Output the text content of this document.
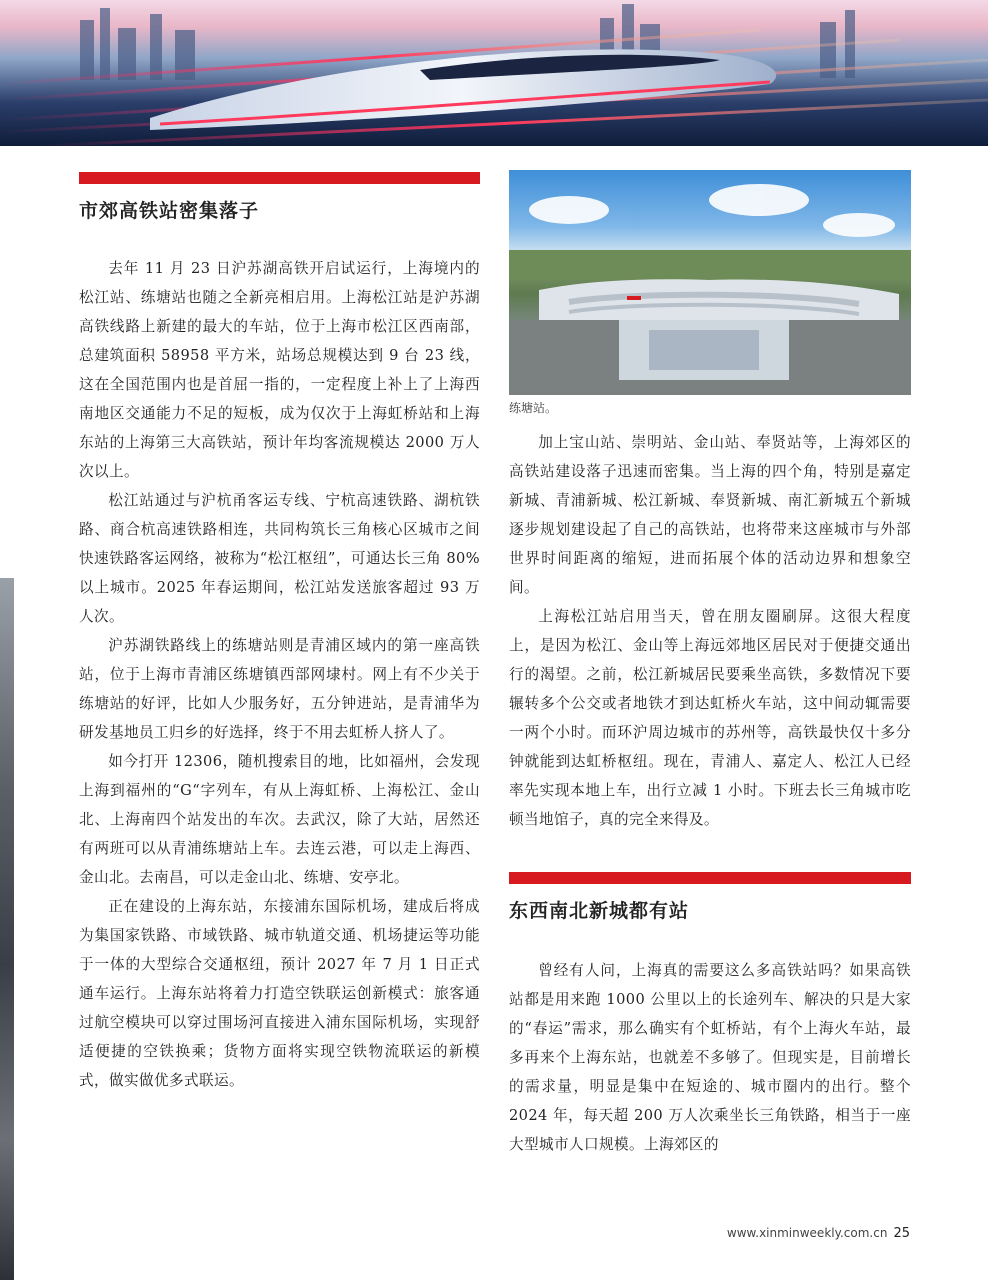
市郊高铁站密集落子

去年 11 月 23 日沪苏湖高铁开启试运行，上海境内的松江站、练塘站也随之全新亮相启用。上海松江站是沪苏湖高铁线路上新建的最大的车站，位于上海市松江区西南部，总建筑面积 58958 平方米，站场总规模达到 9 台 23 线，这在全国范围内也是首屈一指的，一定程度上补上了上海西南地区交通能力不足的短板，成为仅次于上海虹桥站和上海东站的上海第三大高铁站，预计年均客流规模达 2000 万人次以上。

松江站通过与沪杭甬客运专线、宁杭高速铁路、湖杭铁路、商合杭高速铁路相连，共同构筑长三角核心区城市之间快速铁路客运网络，被称为“松江枢纽”，可通达长三角 80% 以上城市。2025 年春运期间，松江站发送旅客超过 93 万人次。

沪苏湖铁路线上的练塘站则是青浦区域内的第一座高铁站，位于上海市青浦区练塘镇西部网埭村。网上有不少关于练塘站的好评，比如人少服务好，五分钟进站，是青浦华为研发基地员工归乡的好选择，终于不用去虹桥人挤人了。

如今打开 12306，随机搜索目的地，比如福州，会发现上海到福州的“G“字列车，有从上海虹桥、上海松江、金山北、上海南四个站发出的车次。去武汉，除了大站，居然还有两班可以从青浦练塘站上车。去连云港，可以走上海西、金山北。去南昌，可以走金山北、练塘、安亭北。

正在建设的上海东站，东接浦东国际机场，建成后将成为集国家铁路、市域铁路、城市轨道交通、机场捷运等功能于一体的大型综合交通枢纽，预计 2027 年 7 月 1 日正式通车运行。上海东站将着力打造空铁联运创新模式：旅客通过航空模块可以穿过围场河直接进入浦东国际机场，实现舒适便捷的空铁换乘；货物方面将实现空铁物流联运的新模式，做实做优多式联运。

练塘站。

加上宝山站、崇明站、金山站、奉贤站等，上海郊区的高铁站建设落子迅速而密集。当上海的四个角，特别是嘉定新城、青浦新城、松江新城、奉贤新城、南汇新城五个新城逐步规划建设起了自己的高铁站，也将带来这座城市与外部世界时间距离的缩短，进而拓展个体的活动边界和想象空间。

上海松江站启用当天，曾在朋友圈刷屏。这很大程度上，是因为松江、金山等上海远郊地区居民对于便捷交通出行的渴望。之前，松江新城居民要乘坐高铁，多数情况下要辗转多个公交或者地铁才到达虹桥火车站，这中间动辄需要一两个小时。而环沪周边城市的苏州等，高铁最快仅十多分钟就能到达虹桥枢纽。现在，青浦人、嘉定人、松江人已经率先实现本地上车，出行立减 1 小时。下班去长三角城市吃顿当地馆子，真的完全来得及。

东西南北新城都有站

曾经有人问，上海真的需要这么多高铁站吗？如果高铁站都是用来跑 1000 公里以上的长途列车、解决的只是大家的“春运”需求，那么确实有个虹桥站，有个上海火车站，最多再来个上海东站，也就差不多够了。但现实是，目前增长的需求量，明显是集中在短途的、城市圈内的出行。整个 2024 年，每天超 200 万人次乘坐长三角铁路，相当于一座大型城市人口规模。上海郊区的

www.xinminweekly.com.cn 25
